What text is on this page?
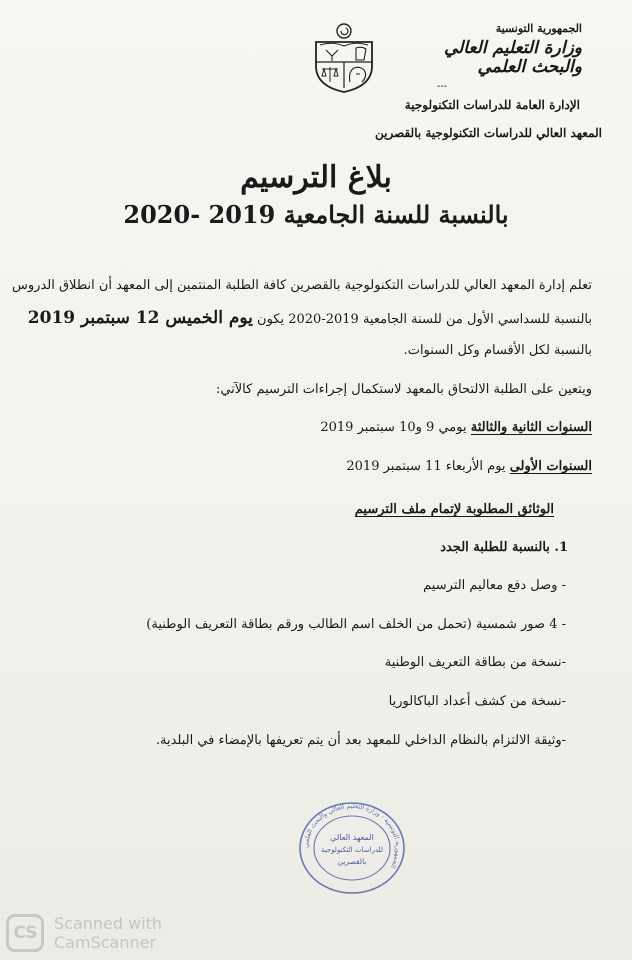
الجمهورية التونسية
وزارة التعليم العالي
والبحث العلمي
---
الإدارة العامة للدراسات التكنولوجية
المعهد العالي للدراسات التكنولوجية بالقصرين
بلاغ الترسيم
بالنسبة للسنة الجامعية 2019 -2020
تعلم إدارة المعهد العالي للدراسات التكنولوجية بالقصرين كافة الطلبة المنتمين إلى المعهد أن انطلاق الدروس
بالنسبة للسداسي الأول من للسنة الجامعية 2019-2020 يكون يوم الخميس 12 سبتمبر 2019
بالنسبة لكل الأقسام وكل السنوات.
ويتعين على الطلبة الالتحاق بالمعهد لاستكمال إجراءات الترسيم كالآتي:
السنوات الثانية والثالثة يومي 9 و10 سبتمبر 2019
السنوات الأولى يوم الأربعاء 11 سبتمبر 2019
الوثائق المطلوبة لإتمام ملف الترسيم
1. بالنسبة للطلبة الجدد
- وصل دفع معاليم الترسيم
- 4 صور شمسية (تحمل من الخلف اسم الطالب ورقم بطاقة التعريف الوطنية)
-نسخة من بطاقة التعريف الوطنية
-نسخة من كشف أعداد الباكالوريا
-وثيقة الالتزام بالنظام الداخلي للمعهد بعد أن يتم تعريفها بالإمضاء في البلدية.
الجمهورية التونسية - وزارة التعليم العالي والبحث العلمي
المعهد العالي
للدراسات التكنولوجية
بالقصرين
CS	Scanned with
CamScanner
